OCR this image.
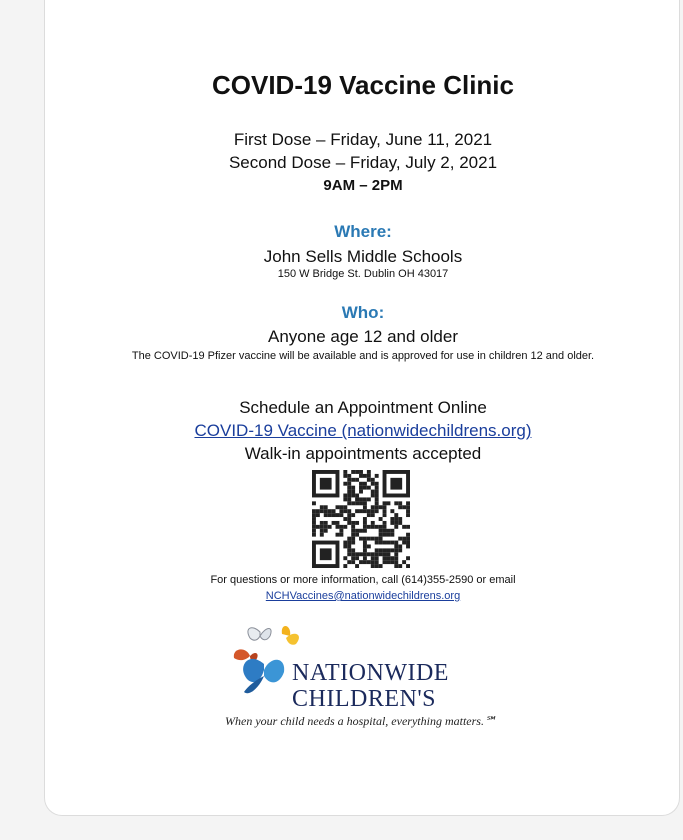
COVID-19 Vaccine Clinic
First Dose – Friday, June 11, 2021
Second Dose – Friday, July 2, 2021
9AM – 2PM
Where:
John Sells Middle Schools
150 W Bridge St. Dublin OH 43017
Who:
Anyone age 12 and older
The COVID-19 Pfizer vaccine will be available and is approved for use in children 12 and older.
Schedule an Appointment Online
COVID-19 Vaccine (nationwidechildrens.org)
Walk-in appointments accepted
For questions or more information, call (614)355-2590 or email
NCHVaccines@nationwidechildrens.org
NATIONWIDE
CHILDREN'S
When your child needs a hospital, everything matters.℠
